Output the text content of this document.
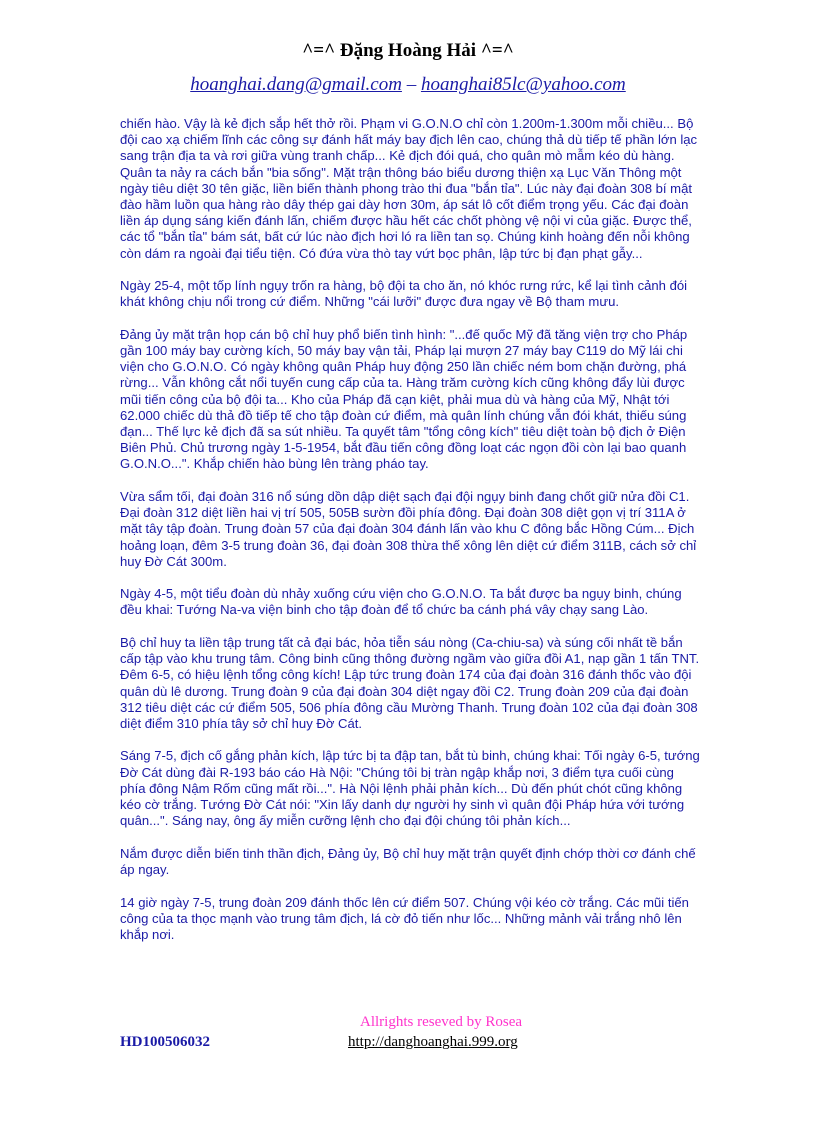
^=^ Đặng Hoàng Hải ^=^
hoanghai.dang@gmail.com – hoanghai85lc@yahoo.com

chiến hào. Vậy là kẻ địch sắp hết thở rồi. Phạm vi G.O.N.O chỉ còn 1.200m-1.300m mỗi chiều... Bộ đội cao xạ chiếm lĩnh các công sự đánh hất máy bay địch lên cao, chúng thả dù tiếp tế phần lớn lạc sang trận địa ta và rơi giữa vùng tranh chấp... Kẻ địch đói quá, cho quân mò mẫm kéo dù hàng. Quân ta nảy ra cách bắn "bia sống". Mặt trận thông báo biểu dương thiện xạ Lục Văn Thông một ngày tiêu diệt 30 tên giặc, liền biến thành phong trào thi đua "bắn tỉa". Lúc này đại đoàn 308 bí mật đào hầm luồn qua hàng rào dây thép gai dày hơn 30m, áp sát lô cốt điểm trọng yếu. Các đại đoàn liền áp dụng sáng kiến đánh lấn, chiếm được hầu hết các chốt phòng vệ nội vi của giặc. Được thể, các tổ "bắn tỉa" bám sát, bất cứ lúc nào địch hơi ló ra liền tan sọ. Chúng kinh hoàng đến nỗi không còn dám ra ngoài đại tiểu tiện. Có đứa vừa thò tay vứt bọc phân, lập tức bị đạn phạt gẫy...

Ngày 25-4, một tốp lính ngụy trốn ra hàng, bộ đội ta cho ăn, nó khóc rưng rức, kể lại tình cảnh đói khát không chịu nổi trong cứ điểm. Những "cái lưỡi" được đưa ngay về Bộ tham mưu.

Đảng ủy mặt trận họp cán bộ chỉ huy phổ biến tình hình: "...đế quốc Mỹ đã tăng viện trợ cho Pháp gần 100 máy bay cường kích, 50 máy bay vận tải, Pháp lại mượn 27 máy bay C119 do Mỹ lái chi viện cho G.O.N.O. Có ngày không quân Pháp huy động 250 lần chiếc ném bom chặn đường, phá rừng... Vẫn không cắt nổi tuyến cung cấp của ta. Hàng trăm cường kích cũng không đẩy lùi được mũi tiến công của bộ đội ta... Kho của Pháp đã cạn kiệt, phải mua dù và hàng của Mỹ, Nhật tới 62.000 chiếc dù thả đồ tiếp tế cho tập đoàn cứ điểm, mà quân lính chúng vẫn đói khát, thiếu súng đạn... Thế lực kẻ địch đã sa sút nhiều. Ta quyết tâm "tổng công kích" tiêu diệt toàn bộ địch ở Điện Biên Phủ. Chủ trương ngày 1-5-1954, bắt đầu tiến công đồng loạt các ngọn đồi còn lại bao quanh G.O.N.O...". Khắp chiến hào bùng lên tràng pháo tay.

Vừa sẩm tối, đại đoàn 316 nổ súng dồn dập diệt sạch đại đội ngụy binh đang chốt giữ nửa đồi C1. Đại đoàn 312 diệt liền hai vị trí 505, 505B sườn đồi phía đông. Đại đoàn 308 diệt gọn vị trí 311A ở mặt tây tập đoàn. Trung đoàn 57 của đại đoàn 304 đánh lấn vào khu C đông bắc Hồng Cúm... Địch hoảng loạn, đêm 3-5 trung đoàn 36, đại đoàn 308 thừa thế xông lên diệt cứ điểm 311B, cách sở chỉ huy Đờ Cát 300m.

Ngày 4-5, một tiểu đoàn dù nhảy xuống cứu viện cho G.O.N.O. Ta bắt được ba ngụy binh, chúng đều khai: Tướng Na-va viện binh cho tập đoàn để tổ chức ba cánh phá vây chạy sang Lào.

Bộ chỉ huy ta liền tập trung tất cả đại bác, hỏa tiễn sáu nòng (Ca-chiu-sa) và súng cối nhất tề bắn cấp tập vào khu trung tâm. Công binh cũng thông đường ngầm vào giữa đồi A1, nạp gần 1 tấn TNT. Đêm 6-5, có hiệu lệnh tổng công kích! Lập tức trung đoàn 174 của đại đoàn 316 đánh thốc vào đội quân dù lê dương. Trung đoàn 9 của đại đoàn 304 diệt ngay đồi C2. Trung đoàn 209 của đại đoàn 312 tiêu diệt các cứ điểm 505, 506 phía đông cầu Mường Thanh. Trung đoàn 102 của đại đoàn 308 diệt điểm 310 phía tây sở chỉ huy Đờ Cát.

Sáng 7-5, địch cố gắng phản kích, lập tức bị ta đập tan, bắt tù binh, chúng khai: Tối ngày 6-5, tướng Đờ Cát dùng đài R-193 báo cáo Hà Nội: "Chúng tôi bị tràn ngập khắp nơi, 3 điểm tựa cuối cùng phía đông Nậm Rốm cũng mất rồi...". Hà Nội lệnh phải phản kích... Dù đến phút chót cũng không kéo cờ trắng. Tướng Đờ Cát nói: "Xin lấy danh dự người hy sinh vì quân đội Pháp hứa với tướng quân...". Sáng nay, ông ấy miễn cưỡng lệnh cho đại đội chúng tôi phản kích...

Nắm được diễn biến tinh thần địch, Đảng ủy, Bộ chỉ huy mặt trận quyết định chớp thời cơ đánh chế áp ngay.

14 giờ ngày 7-5, trung đoàn 209 đánh thốc lên cứ điểm 507. Chúng vội kéo cờ trắng. Các mũi tiến công của ta thọc mạnh vào trung tâm địch, lá cờ đỏ tiến như lốc... Những mảnh vải trắng nhô lên khắp nơi.

Allrights reseved by Rosea
HD100506032	http://danghoanghai.999.org
